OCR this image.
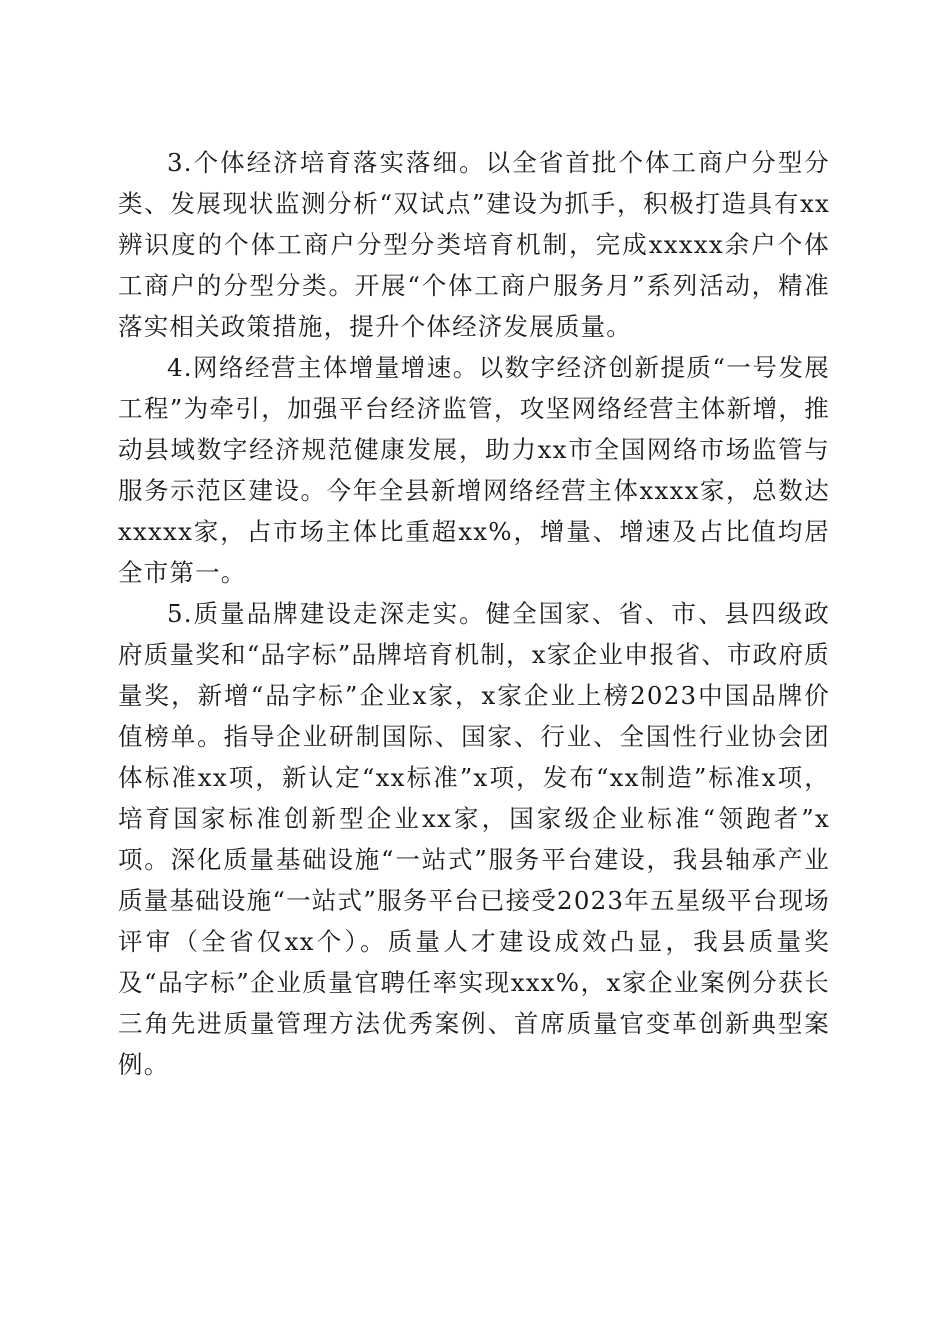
3.个体经济培育落实落细。以全省首批个体工商户分型分类、发展现状监测分析“双试点”建设为抓手，积极打造具有xx辨识度的个体工商户分型分类培育机制，完成xxxxx余户个体工商户的分型分类。开展“个体工商户服务月”系列活动，精准落实相关政策措施，提升个体经济发展质量。

4.网络经营主体增量增速。以数字经济创新提质“一号发展工程”为牵引，加强平台经济监管，攻坚网络经营主体新增，推动县域数字经济规范健康发展，助力xx市全国网络市场监管与服务示范区建设。今年全县新增网络经营主体xxxx家，总数达xxxxx家，占市场主体比重超xx%，增量、增速及占比值均居全市第一。

5.质量品牌建设走深走实。健全国家、省、市、县四级政府质量奖和“品字标”品牌培育机制，x家企业申报省、市政府质量奖，新增“品字标”企业x家，x家企业上榜2023中国品牌价值榜单。指导企业研制国际、国家、行业、全国性行业协会团体标准xx项，新认定“xx标准”x项，发布“xx制造”标准x项，培育国家标准创新型企业xx家，国家级企业标准“领跑者”x项。深化质量基础设施“一站式”服务平台建设，我县轴承产业质量基础设施“一站式”服务平台已接受2023年五星级平台现场评审（全省仅xx个）。质量人才建设成效凸显，我县质量奖及“品字标”企业质量官聘任率实现xxx%，x家企业案例分获长三角先进质量管理方法优秀案例、首席质量官变革创新典型案例。
